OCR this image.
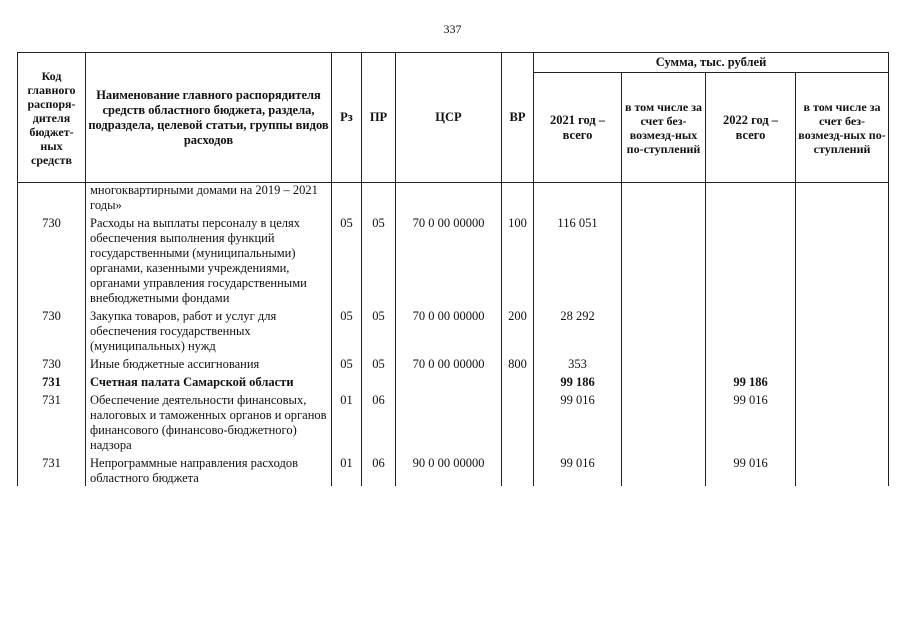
337
Код главного распоря-дителя бюджет-ных средств	Наименование главного распорядителя средств областного бюджета, раздела, подраздела, целевой статьи, группы видов расходов	Рз	ПР	ЦСР	ВР	Сумма, тыс. рублей			
						2021 год – всего	в том числе за счет без-возмезд-ных по-ступлений	2022 год – всего	в том числе за счет без-возмезд-ных по-ступлений
	многоквартирными домами на 2019 – 2021 годы»								
730	Расходы на выплаты персоналу в целях обеспечения выполнения функций государственными (муниципальными) органами, казенными учреждениями, органами управления государственными внебюджетными фондами	05	05	70 0 00 00000	100	116 051			
730	Закупка товаров, работ и услуг для обеспечения государственных (муниципальных) нужд	05	05	70 0 00 00000	200	28 292			
730	Иные бюджетные ассигнования	05	05	70 0 00 00000	800	353			
731	Счетная палата Самарской области					99 186		99 186	
731	Обеспечение деятельности финансовых, налоговых и таможенных органов и органов финансового (финансово-бюджетного) надзора	01	06			99 016		99 016	
731	Непрограммные направления расходов областного бюджета	01	06	90 0 00 00000		99 016		99 016	
